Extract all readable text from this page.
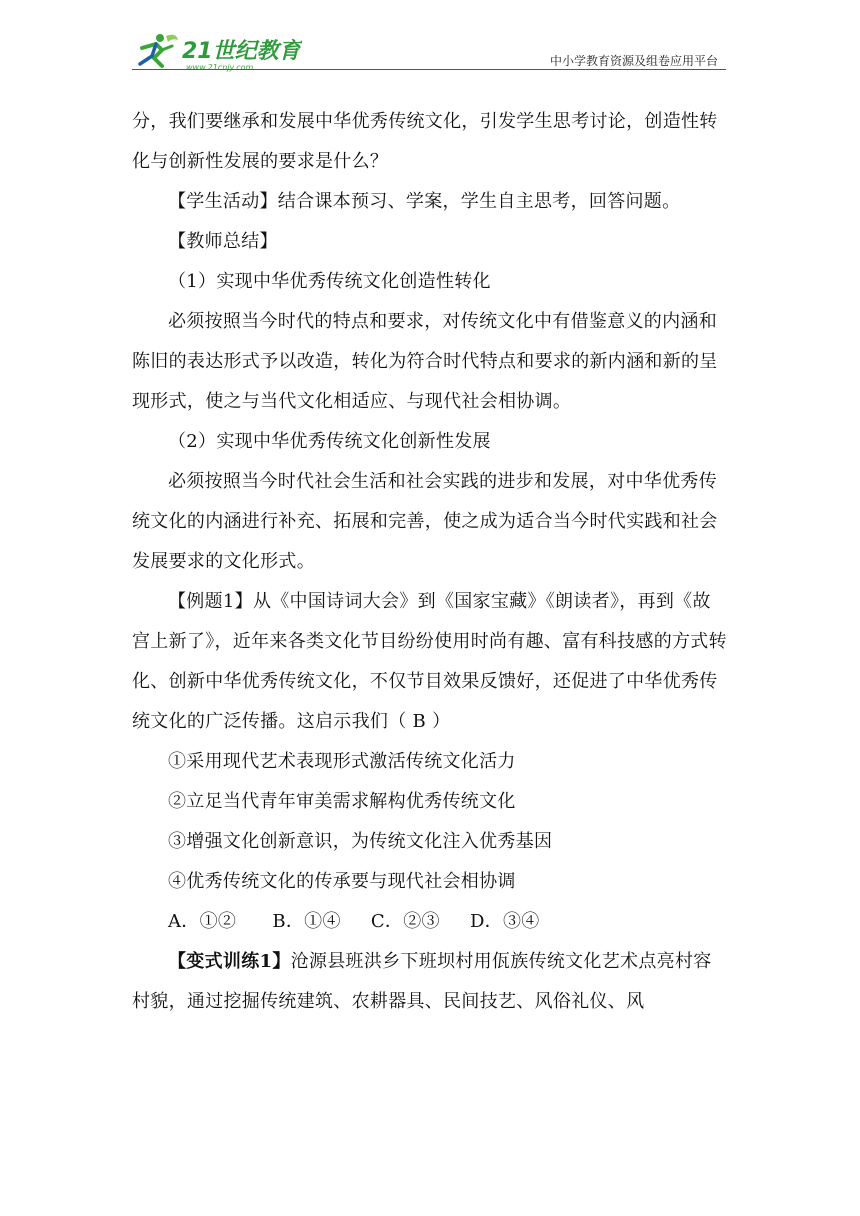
21世纪教育
www.21cnjy.com	中小学教育资源及组卷应用平台

分，我们要继承和发展中华优秀传统文化，引发学生思考讨论，创造性转化与创新性发展的要求是什么？

【学生活动】结合课本预习、学案，学生自主思考，回答问题。

【教师总结】

（1）实现中华优秀传统文化创造性转化

必须按照当今时代的特点和要求，对传统文化中有借鉴意义的内涵和陈旧的表达形式予以改造，转化为符合时代特点和要求的新内涵和新的呈现形式，使之与当代文化相适应、与现代社会相协调。

（2）实现中华优秀传统文化创新性发展

必须按照当今时代社会生活和社会实践的进步和发展，对中华优秀传统文化的内涵进行补充、拓展和完善，使之成为适合当今时代实践和社会发展要求的文化形式。

【例题1】从《中国诗词大会》到《国家宝藏》《朗读者》，再到《故宫上新了》，近年来各类文化节目纷纷使用时尚有趣、富有科技感的方式转化、创新中华优秀传统文化，不仅节目效果反馈好，还促进了中华优秀传统文化的广泛传播。这启示我们（ B ）

①采用现代艺术表现形式激活传统文化活力

②立足当代青年审美需求解构优秀传统文化

③增强文化创新意识，为传统文化注入优秀基因

④优秀传统文化的传承要与现代社会相协调

A．①②      B．①④     C．②③     D．③④

【变式训练1】沧源县班洪乡下班坝村用佤族传统文化艺术点亮村容村貌，通过挖掘传统建筑、农耕器具、民间技艺、风俗礼仪、风
